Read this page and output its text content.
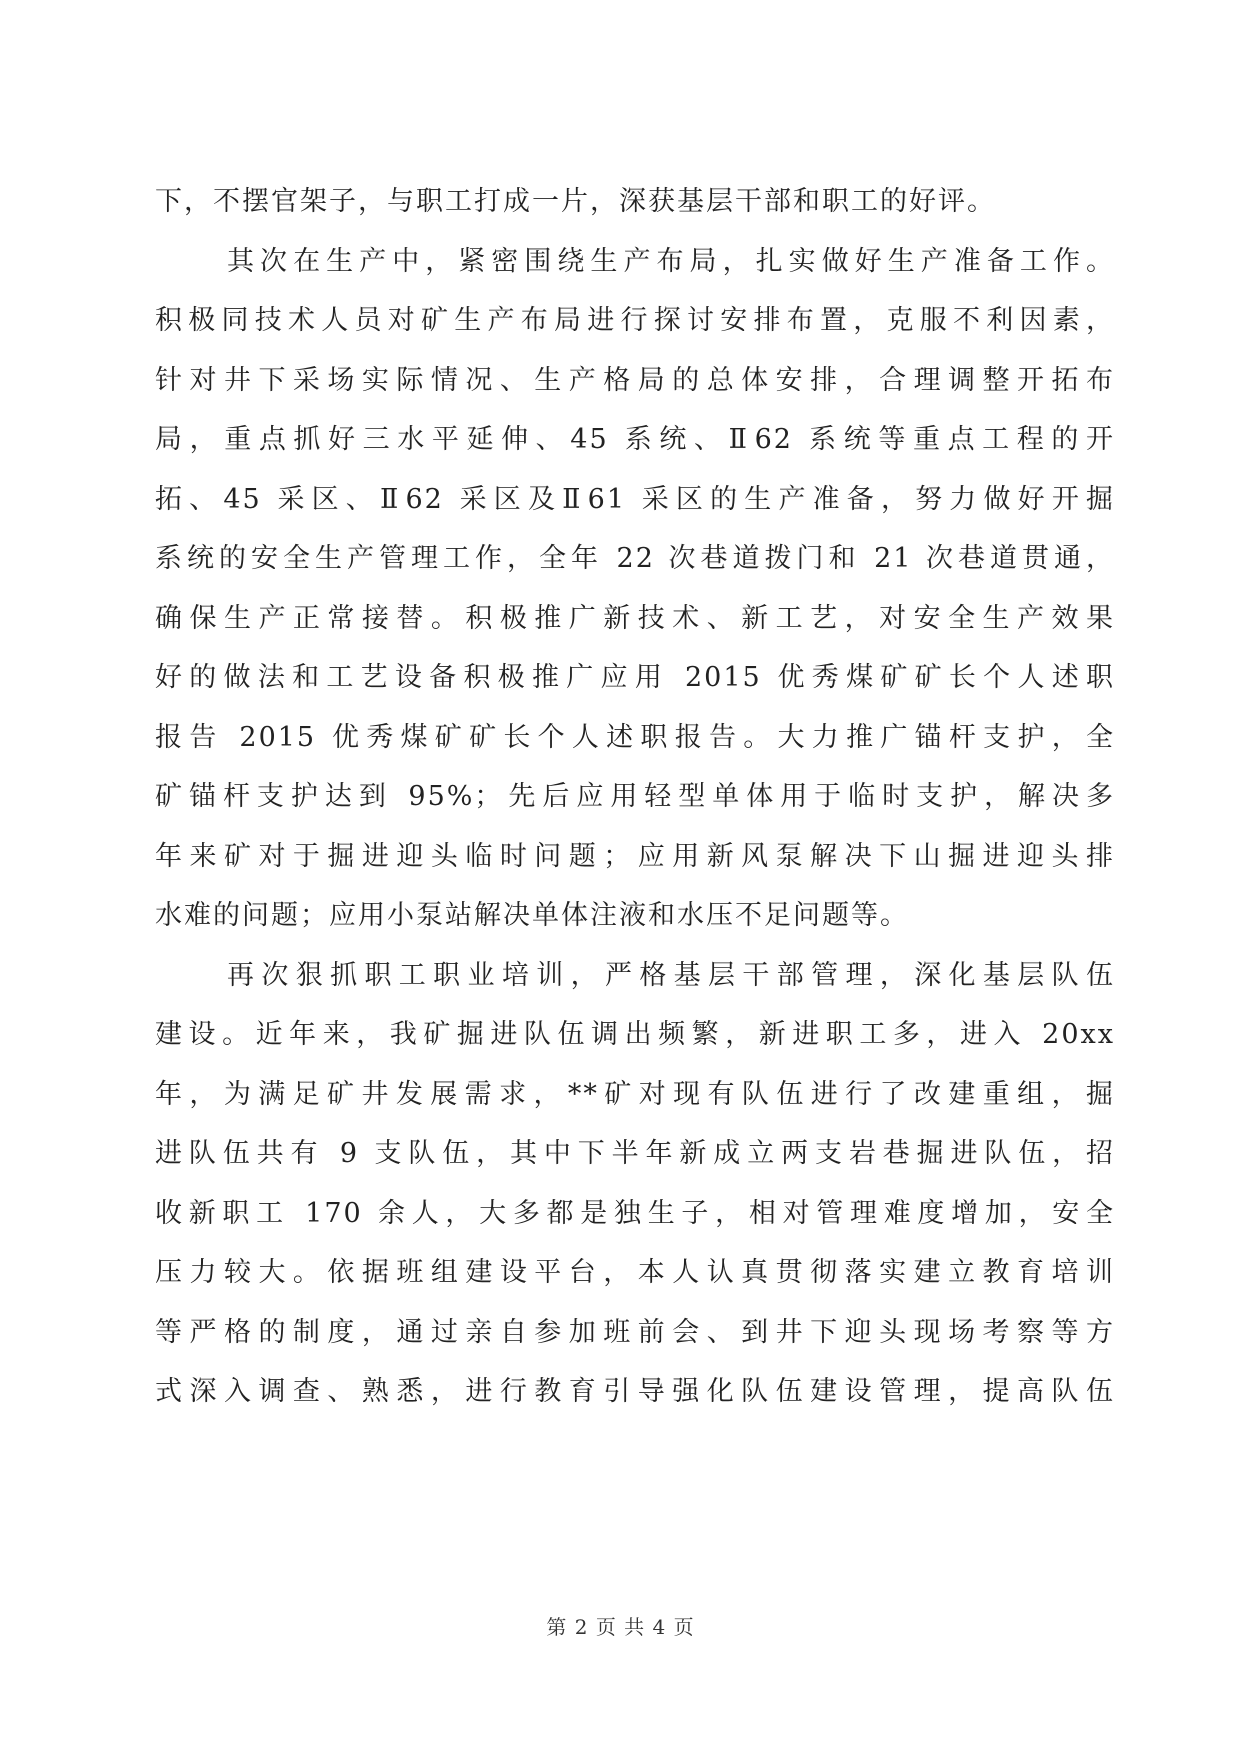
下，不摆官架子，与职工打成一片，深获基层干部和职工的好评。
其次在生产中，紧密围绕生产布局，扎实做好生产准备工作。
积极同技术人员对矿生产布局进行探讨安排布置，克服不利因素，
针对井下采场实际情况、生产格局的总体安排，合理调整开拓布
局，重点抓好三水平延伸、45 系统、Ⅱ62 系统等重点工程的开
拓、45 采区、Ⅱ62 采区及Ⅱ61 采区的生产准备，努力做好开掘
系统的安全生产管理工作，全年 22 次巷道拨门和 21 次巷道贯通，
确保生产正常接替。积极推广新技术、新工艺，对安全生产效果
好的做法和工艺设备积极推广应用 2015 优秀煤矿矿长个人述职
报告 2015 优秀煤矿矿长个人述职报告。大力推广锚杆支护，全
矿锚杆支护达到 95%；先后应用轻型单体用于临时支护，解决多
年来矿对于掘进迎头临时问题；应用新风泵解决下山掘进迎头排
水难的问题；应用小泵站解决单体注液和水压不足问题等。
再次狠抓职工职业培训，严格基层干部管理，深化基层队伍
建设。近年来，我矿掘进队伍调出频繁，新进职工多，进入 20xx
年，为满足矿井发展需求，**矿对现有队伍进行了改建重组，掘
进队伍共有 9 支队伍，其中下半年新成立两支岩巷掘进队伍，招
收新职工 170 余人，大多都是独生子，相对管理难度增加，安全
压力较大。依据班组建设平台，本人认真贯彻落实建立教育培训
等严格的制度，通过亲自参加班前会、到井下迎头现场考察等方
式深入调查、熟悉，进行教育引导强化队伍建设管理，提高队伍
第 2 页 共 4 页
